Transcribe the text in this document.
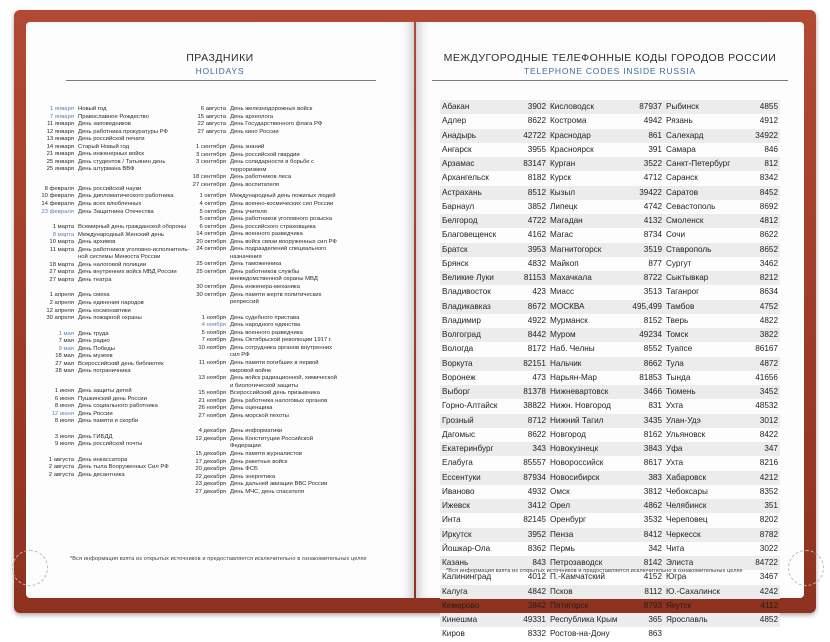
ПРАЗДНИКИ
HOLIDAYS
1 января Новый год
7 января Православное Рождество
11 января День заповедников
12 января День работника прокуратуры РФ
13 января День российской печати
14 января Старый Новый год
21 января День инженерных войск
25 января День студентов / Татьянин день
25 января День штурмана ВВФ
8 февраля День российской науки
10 февраля День дипломатического работника
14 февраля День всех влюбленных
23 февраля День Защитника Отечества
1 марта Всемирный день гражданской обороны
8 марта Международный Женский день
10 марта День архивов
11 марта День работников уголовно-исполнитель-
ной системы Минюста России
18 марта День налоговой полиции
27 марта День внутренних войск МВД России
27 марта День театра
1 апреля День смеха
2 апреля День единения народов
12 апреля День космонавтики
30 апреля День пожарной охраны
1 мая День труда
7 мая День радио
9 мая День Победы
18 мая День музеев
27 мая Всероссийский день библиотек
28 мая День пограничника
1 июня День защиты детей
6 июня Пушкинский день России
8 июня День социального работника
12 июня День России
8 июля День памяти и скорби
3 июля День ГИБДД
9 июля День российской почты
1 августа День инкассатора
2 августа День тыла Вооруженных Сил РФ
2 августа День десантника
6 августа День железнодорожных войск
15 августа День археолога
22 августа День Государственного флага РФ
27 августа День кино России
1 сентября День знаний
3 сентября День российской гвардии
3 сентября День солидарности в борьбе с
терроризмом
18 сентября День работников леса
27 сентября День воспитателя
1 октября Международный день пожилых людей
4 октября День военно-космических сил России
5 октября День учителя
5 октября День работников уголовного розыска
6 октября День российского страховщика
14 октября День военного разведчика
20 октября День войск связи вооруженных сил РФ
24 октября День подразделений специального
назначения
25 октября День таможенника
25 октября День работников службы
вневедомственной охраны МВД
30 октября День инженера-механика
30 октября День памяти жертв политических
репрессий
1 ноября День судебного пристава
4 ноября День народного единства
5 ноября День военного разведчика
7 ноября День Октябрьской революции 1917 г.
10 ноября День сотрудника органов внутренних
сил РФ
11 ноября День памяти погибших в первой
мировой войне
13 ноября День войск радиационной, химической
и биологической защиты
15 ноября Всероссийский день призывника
21 ноября День работника налоговых органов
26 ноября День оценщика
27 ноября День морской пехоты
4 декабря День информатики
12 декабря День Конституции Российской
Федерации
15 декабря День памяти журналистов
17 декабря День ракетных войск
20 декабря День ФСБ
22 декабря День энергетика
23 декабря День дальней авиации ВВС России
27 декабря День МЧС, день спасателя
*Вся информация взята из открытых источников и предоставляется исключительно в ознакомительных целях
МЕЖДУГОРОДНЫЕ ТЕЛЕФОННЫЕ КОДЫ ГОРОДОВ РОССИИ
TELEPHONE CODES INSIDE RUSSIA
Абакан	3902
Адлер	8622
Анадырь	42722
Ангарск	3955
Арзамас	83147
Архангельск	8182
Астрахань	8512
Барнаул	3852
Белгород	4722
Благовещенск	4162
Братск	3953
Брянск	4832
Великие Луки	81153
Владивосток	423
Владикавказ	8672
Владимир	4922
Волгоград	8442
Вологда	8172
Воркута	82151
Воронеж	473
Выборг	81378
Горно-Алтайск	38822
Грозный	8712
Дагомыс	8622
Екатеринбург	343
Елабуга	85557
Ессентуки	87934
Иваново	4932
Ижевск	3412
Инта	82145
Иркутск	3952
Йошкар-Ола	8362
Казань	843
Калининград	4012
Калуга	4842
Кемерово	3842
Кинешма	49331
Киров	8332
Кисловодск	87937
Кострома	4942
Краснодар	861
Красноярск	391
Курган	3522
Курск	4712
Кызыл	39422
Липецк	4742
Магадан	4132
Магас	8734
Магнитогорск	3519
Майкоп	877
Махачкала	8722
Миасс	3513
МОСКВА	495,499
Мурманск	8152
Муром	49234
Наб. Челны	8552
Нальчик	8662
Нарьян-Мар	81853
Нижневартовск	3466
Нижн. Новгород	831
Нижний Тагил	3435
Новгород	8162
Новокузнецк	3843
Новороссийск	8617
Новосибирск	383
Омск	3812
Орел	4862
Оренбург	3532
Пенза	8412
Пермь	342
Петрозаводск	8142
П.-Камчатский	4152
Псков	8112
Пятигорск	8793
Республика Крым	365
Ростов-на-Дону	863
Рыбинск	4855
Рязань	4912
Салехард	34922
Самара	846
Санкт-Петербург	812
Саранск	8342
Саратов	8452
Севастополь	8692
Смоленск	4812
Сочи	8622
Ставрополь	8652
Сургут	3462
Сыктывкар	8212
Таганрог	8634
Тамбов	4752
Тверь	4822
Томск	3822
Туапсе	86167
Тула	4872
Тында	41656
Тюмень	3452
Ухта	48532
Улан-Удэ	3012
Ульяновск	8422
Уфа	347
Ухта	8216
Хабаровск	4212
Чебоксары	8352
Челябинск	351
Череповец	8202
Черкесск	8782
Чита	3022
Элиста	84722
Югра	3467
Ю.-Сахалинск	4242
Якутск	4112
Ярославль	4852
*Вся информация взята из открытых источников и предоставляется исключительно в ознакомительных целях
